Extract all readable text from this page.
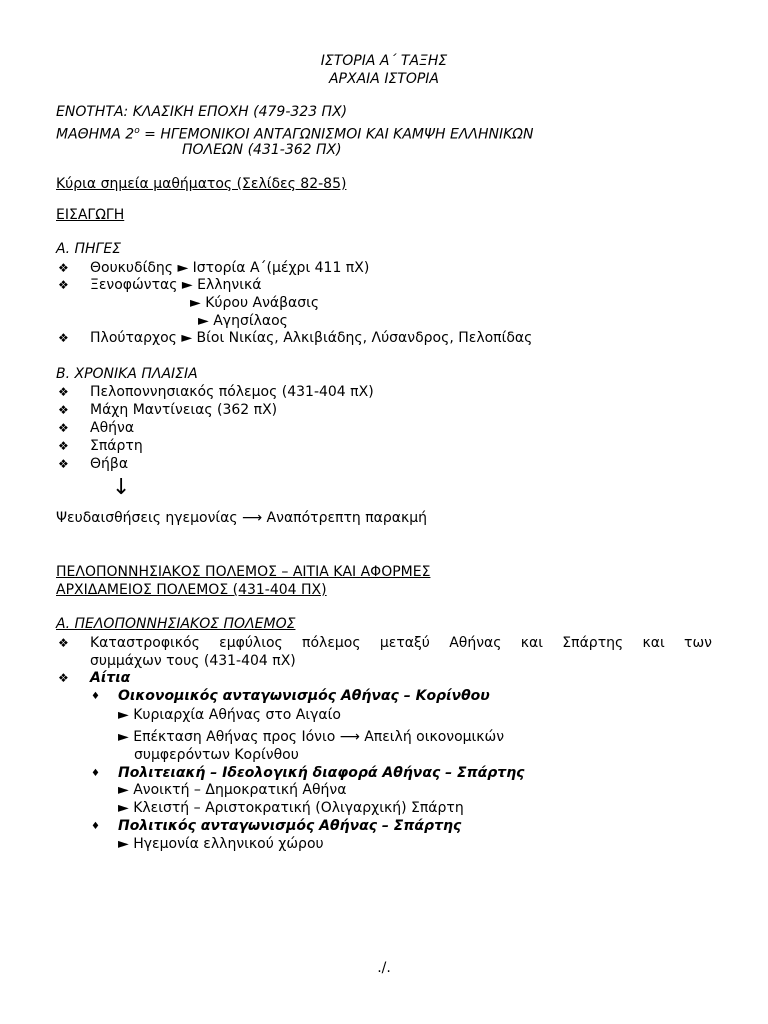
ΙΣΤΟΡΙΑ Α΄ ΤΑΞΗΣ
ΑΡΧΑΙΑ ΙΣΤΟΡΙΑ
ΕΝΟΤΗΤΑ: ΚΛΑΣΙΚΗ ΕΠΟΧΗ (479-323 ΠΧ)
ΜΑΘΗΜΑ $2^o = H\Gamma EMONIKOI$ ΑΝΤΑΓΩΝΙΣΜΟΙ ΚΑΙ ΚΑΜΨΗ ΕΛΛΗΝΙΚΩΝ
ΠΟΛΕΩΝ (431-362 ΠΧ)
Κύρια σημεία μαθήματος (Σελίδες 82-85)
ΕΙΣΑΓΩΓΗ
Α. ΠΗΓΕΣ
❖ Θουκυδίδης ► Ιστορία Α΄(μέχρι 411 πΧ)
❖ Ξενοφώντας ► Ελληνικά
► Κύρου Ανάβασις
► Αγησίλαος
❖ Πλούταρχος ► Βίοι Νικίας, Αλκιβιάδης, Λύσανδρος, Πελοπίδας
Β. ΧΡΟΝΙΚΑ ΠΛΑΙΣΙΑ
❖ Πελοποννησιακός πόλεμος (431-404 πΧ)
❖ Μάχη Μαντίνειας (362 πΧ)
❖ Αθήνα
❖ Σπάρτη
❖ Θήβα
↓
Ψευδαισθήσεις ηγεμονίας ⟶ Αναπότρεπτη παρακμή
ΠΕΛΟΠΟΝΝΗΣΙΑΚΟΣ ΠΟΛΕΜΟΣ – ΑΙΤΙΑ ΚΑΙ ΑΦΟΡΜΕΣ
ΑΡΧΙΔΑΜΕΙΟΣ ΠΟΛΕΜΟΣ (431-404 ΠΧ)
Α. ΠΕΛΟΠΟΝΝΗΣΙΑΚΟΣ ΠΟΛΕΜΟΣ
❖ Καταστροφικός εμφύλιος πόλεμος μεταξύ Αθήνας και Σπάρτης και των
συμμάχων τους (431-404 πΧ)
❖ Αίτια
♦ Οικονομικός ανταγωνισμός Αθήνας – Κορίνθου
► Κυριαρχία Αθήνας στο Αιγαίο
► Επέκταση Αθήνας προς Ιόνιο ⟶ Απειλή οικονομικών
συμφερόντων Κορίνθου
♦ Πολιτειακή – Ιδεολογική διαφορά Αθήνας – Σπάρτης
► Ανοικτή – Δημοκρατική Αθήνα
► Κλειστή – Αριστοκρατική (Ολιγαρχική) Σπάρτη
♦ Πολιτικός ανταγωνισμός Αθήνας – Σπάρτης
► Ηγεμονία ελληνικού χώρου
./.
